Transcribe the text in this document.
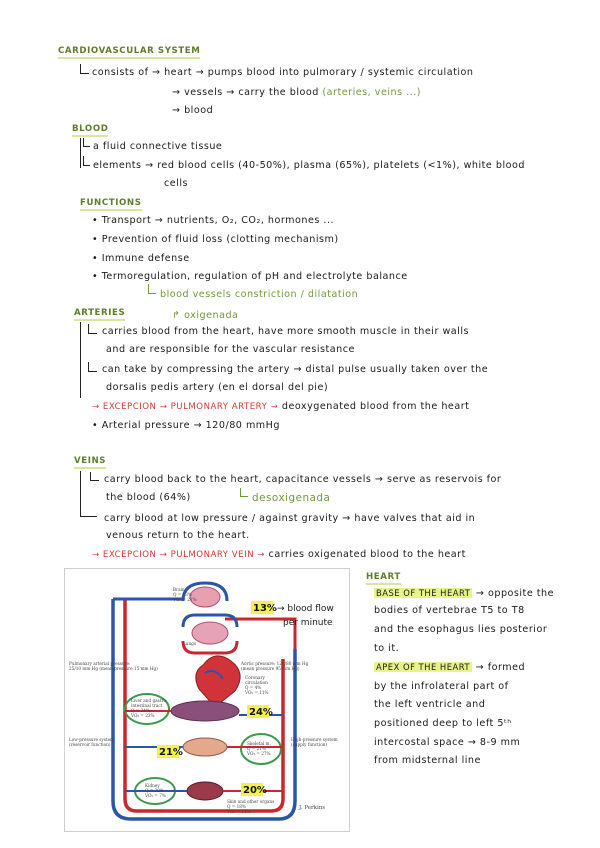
CARDIOVASCULAR SYSTEM
consists of → heart → pumps blood into pulmorary / systemic circulation
→ vessels → carry the blood (arteries, veins ...)
→ blood
BLOOD
a fluid connective tissue
elements → red blood cells (40-50%), plasma (65%), platelets (<1%), white blood
cells
FUNCTIONS
• Transport → nutrients, O₂, CO₂, hormones ...
• Prevention of fluid loss (clotting mechanism)
• Immune defense
• Termoregulation, regulation of pH and electrolyte balance
blood vessels constriction / dilatation
ARTERIES	↱ oxigenada
carries blood from the heart, have more smooth muscle in their walls
and are responsible for the vascular resistance
can take by compressing the artery → distal pulse usually taken over the
dorsalis pedis artery (en el dorsal del pie)
→ EXCEPCION → PULMONARY ARTERY → deoxygenated blood from the heart
• Arterial pressure → 120/80 mmHg
VEINS
carry blood back to the heart, capacitance vessels → serve as reservois for
the blood (64%)	desoxigenada
carry blood at low pressure / against gravity → have valves that aid in
venous return to the heart.
→ EXCEPCION → PULMONARY VEIN → carries oxigenated blood to the heart
13%
24%
21%
20%
Brain
Q = 13%
VO₂ = 21%
Lungs
Pulmonary arterial pressure:
25/10 mm Hg (mean pressure 15 mm Hg)
Aortic pressure: 120/80 mm Hg
(mean pressure 95 mm Hg)
Coronary
circulation
Q = 4%
VO₂ = 11%
Liver and gastro-
intestinal tract
Q = 24%
VO₂ = 23%
Low-pressure system
(reservoir function)
High-pressure system
(supply function)
Skeletal m.
Q = 21%
VO₂ = 27%
Kidney
Q = 20%
VO₂ = 7%
Skin and other organs
Q = 18%
VO₂ = 11%
J. Perkins
→ blood flow
per minute
HEART
BASE OF THE HEART → opposite the
bodies of vertebrae T5 to T8
and the esophagus lies posterior
to it.
APEX OF THE HEART → formed
by the infrolateral part of
the left ventricle and
positioned deep to left 5ᵗʰ
intercostal space → 8-9 mm
from midsternal line
